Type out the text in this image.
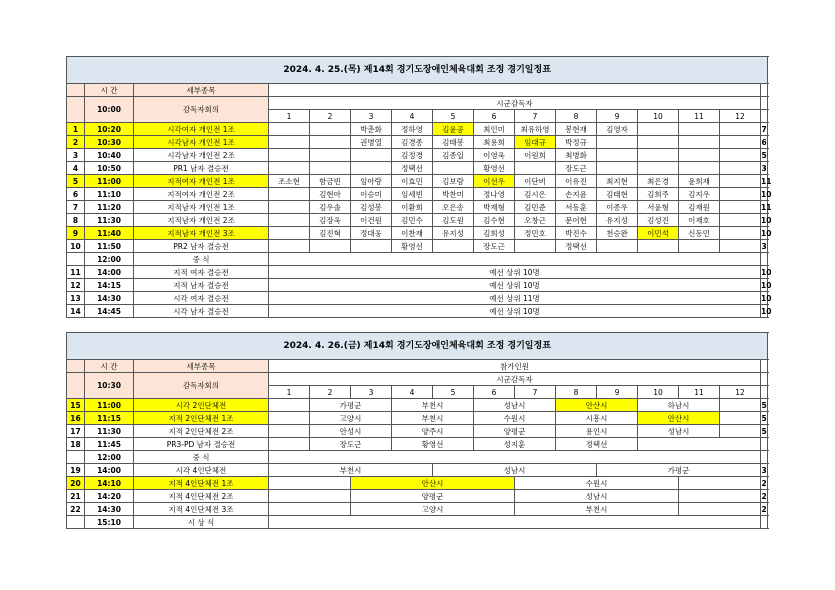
2024. 4. 25.(목) 제14회 경기도장애인체육대회 조정 경기일정표															
	시 간	세부종목													
	10:00	감독자회의	시군감독자												
			1	2	3	4	5	6	7	8	9	10	11	12	
1	10:20	시각여자 개인전 1조			박춘화	정하영	김윤공	최인미	최유하영	봉현재	김영자				7
2	10:30	시각남자 개인전 1조			권병열	김경종	김태봉	최용희	임대규	박정규					6
3	10:40	시각남자 개인전 2조				김정경	김종일	이영욱	이원희	최병화					5
4	10:50	PR1 남자 결승전				정택선		황영선		장도근					3
5	11:00	지적여자 개인전 1조	조소현	함금빈	임아랑	이효민	김보람	이선우	이단비	이유진	최지현	최은경	윤희재		11
6	11:10	지적여자 개인전 2조		김현아	이승미	임세빈	박찬미	정나영	김시은	손지윤	김태현	김희주	김지우		10
7	11:20	지적남자 개인전 1조		김우솔	김성봉	이환희	오은송	박재형	김민준	서동훈	이종우	서윤형	김재원		11
8	11:30	지적남자 개인전 2조		김장욱	이건원	김민수	김도원	김수현	오창근	문이현	유지성	김성진	이재호		10
9	11:40	지적남자 개인전 3조		김진혁	정대웅	이찬재	유지성	김희성	정민호	박진수	천승완	이민석	신동민		10
10	11:50	PR2 남자 결승전				황영선		장도근		정택선					3
	12:00	중 식													
11	14:00	지적 여자 결승전	예선 상위 10명												10
12	14:15	지적 남자 결승전	예선 상위 10명												10
13	14:30	시각 여자 결승전	예선 상위 11명												10
14	14:45	시각 남자 결승전	예선 상위 10명												10
2024. 4. 26.(금) 제14회 경기도장애인체육대회 조정 경기일정표															
	시 간	세부종목	참가인원												
	10:30	감독자회의	시군감독자												
			1	2	3	4	5	6	7	8	9	10	11	12	
15	11:00	시각 2인단체전		가평군		부천시		성남시		안산시		하남시			5
16	11:15	지적 2인단체전 1조		고양시		부천시		수원시		시흥시		안산시			5
17	11:30	지적 2인단체전 2조		안성시		양주시		양평군		용인시		성남시			5
18	11:45	PR3-PD 남자 결승전		장도근		황영선		성지훈		정택선					
	12:00	중 식													
19	14:00	시각 4인단체전	부천시				성남시				가평군				3
20	14:10	지적 4인단체전 1조			안산시				수원시						2
21	14:20	지적 4인단체전 2조			양평군				성남시						2
22	14:30	지적 4인단체전 3조			고양시				부천시						2
	15:10	시 상 식													
